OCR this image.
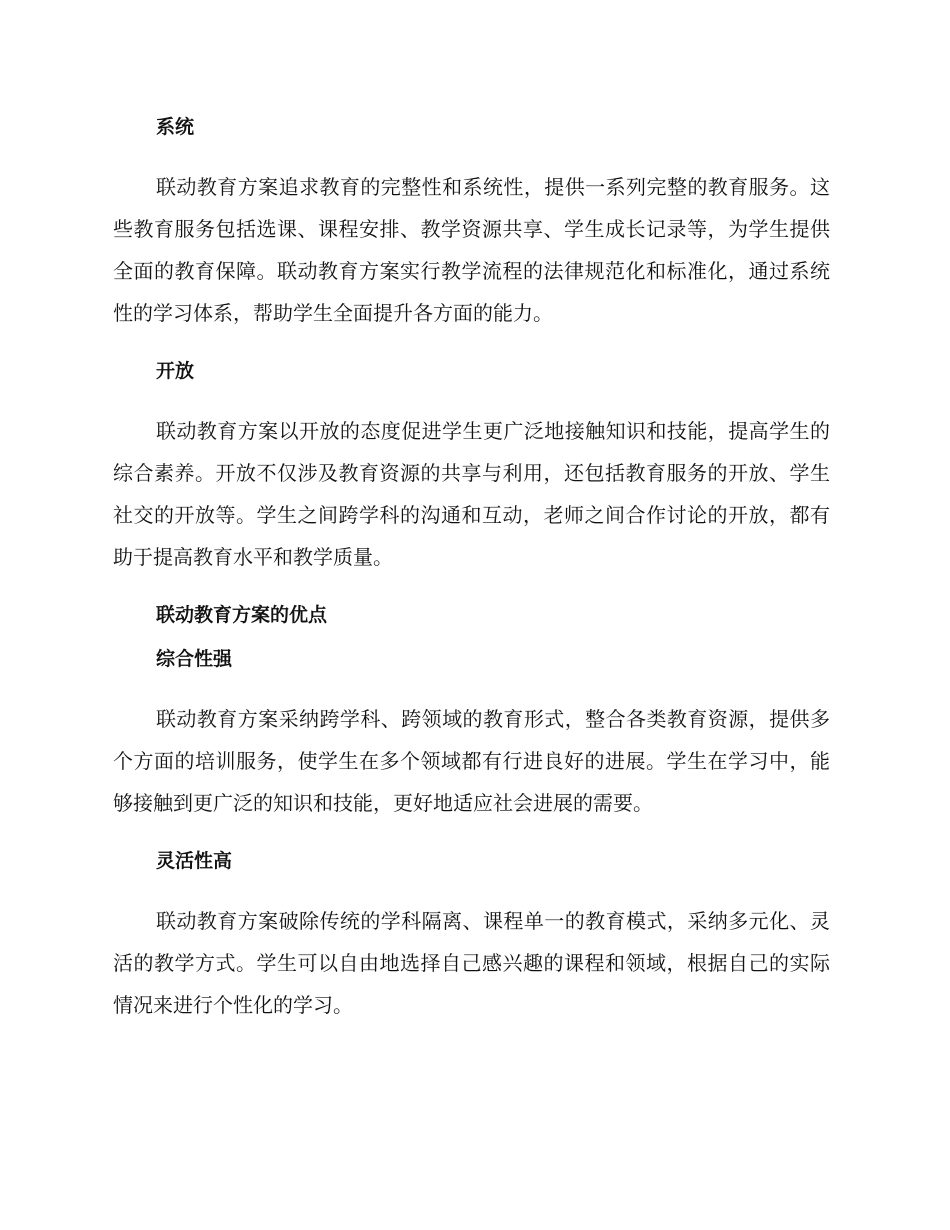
系统

联动教育方案追求教育的完整性和系统性，提供一系列完整的教育服务。这些教育服务包括选课、课程安排、教学资源共享、学生成长记录等，为学生提供全面的教育保障。联动教育方案实行教学流程的法律规范化和标准化，通过系统性的学习体系，帮助学生全面提升各方面的能力。

开放

联动教育方案以开放的态度促进学生更广泛地接触知识和技能，提高学生的综合素养。开放不仅涉及教育资源的共享与利用，还包括教育服务的开放、学生社交的开放等。学生之间跨学科的沟通和互动，老师之间合作讨论的开放，都有助于提高教育水平和教学质量。

联动教育方案的优点
综合性强

联动教育方案采纳跨学科、跨领域的教育形式，整合各类教育资源，提供多个方面的培训服务，使学生在多个领域都有行进良好的进展。学生在学习中，能够接触到更广泛的知识和技能，更好地适应社会进展的需要。

灵活性高

联动教育方案破除传统的学科隔离、课程单一的教育模式，采纳多元化、灵活的教学方式。学生可以自由地选择自己感兴趣的课程和领域，根据自己的实际情况来进行个性化的学习。
